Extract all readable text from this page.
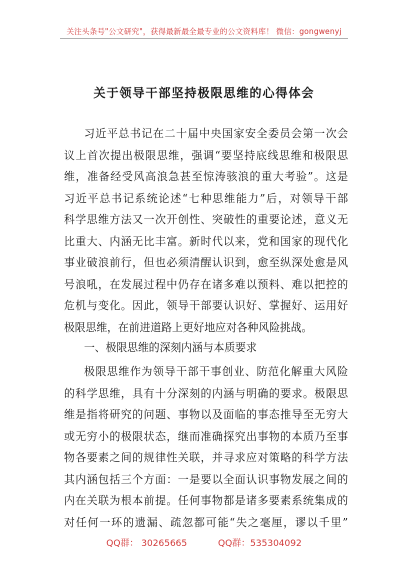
关注头条号"公文研究"，获得最新最全最专业的公文资料库！ 微信：gongwenyj
关于领导干部坚持极限思维的心得体会
习近平总书记在二十届中央国家安全委员会第一次会
议上首次提出极限思维，强调“要坚持底线思维和极限思
维，准备经受风高浪急甚至惊涛骇浪的重大考验”。这是
习近平总书记系统论述“七种思维能力”后，对领导干部
科学思维方法又一次开创性、突破性的重要论述，意义无
比重大、内涵无比丰富。新时代以来，党和国家的现代化
事业破浪前行，但也必须清醒认识到，愈至纵深处愈是风
号浪吼，在发展过程中仍存在诸多难以预料、难以把控的
危机与变化。因此，领导干部要认识好、掌握好、运用好
极限思维，在前进道路上更好地应对各种风险挑战。
一、极限思维的深刻内涵与本质要求
极限思维作为领导干部干事创业、防范化解重大风险
的科学思维，具有十分深刻的内涵与明确的要求。极限思
维是指将研究的问题、事物以及面临的事态推导至无穷大
或无穷小的极限状态，继而准确探究出事物的本质乃至事
物各要素之间的规律性关联，并寻求应对策略的科学方法
其内涵包括三个方面：一是要以全面认识事物发展之间的
内在关联为根本前提。任何事物都是诸多要素系统集成的
对任何一环的遗漏、疏忽都可能“失之毫厘，谬以千里”
QQ群： 30265665	QQ群：535304092
